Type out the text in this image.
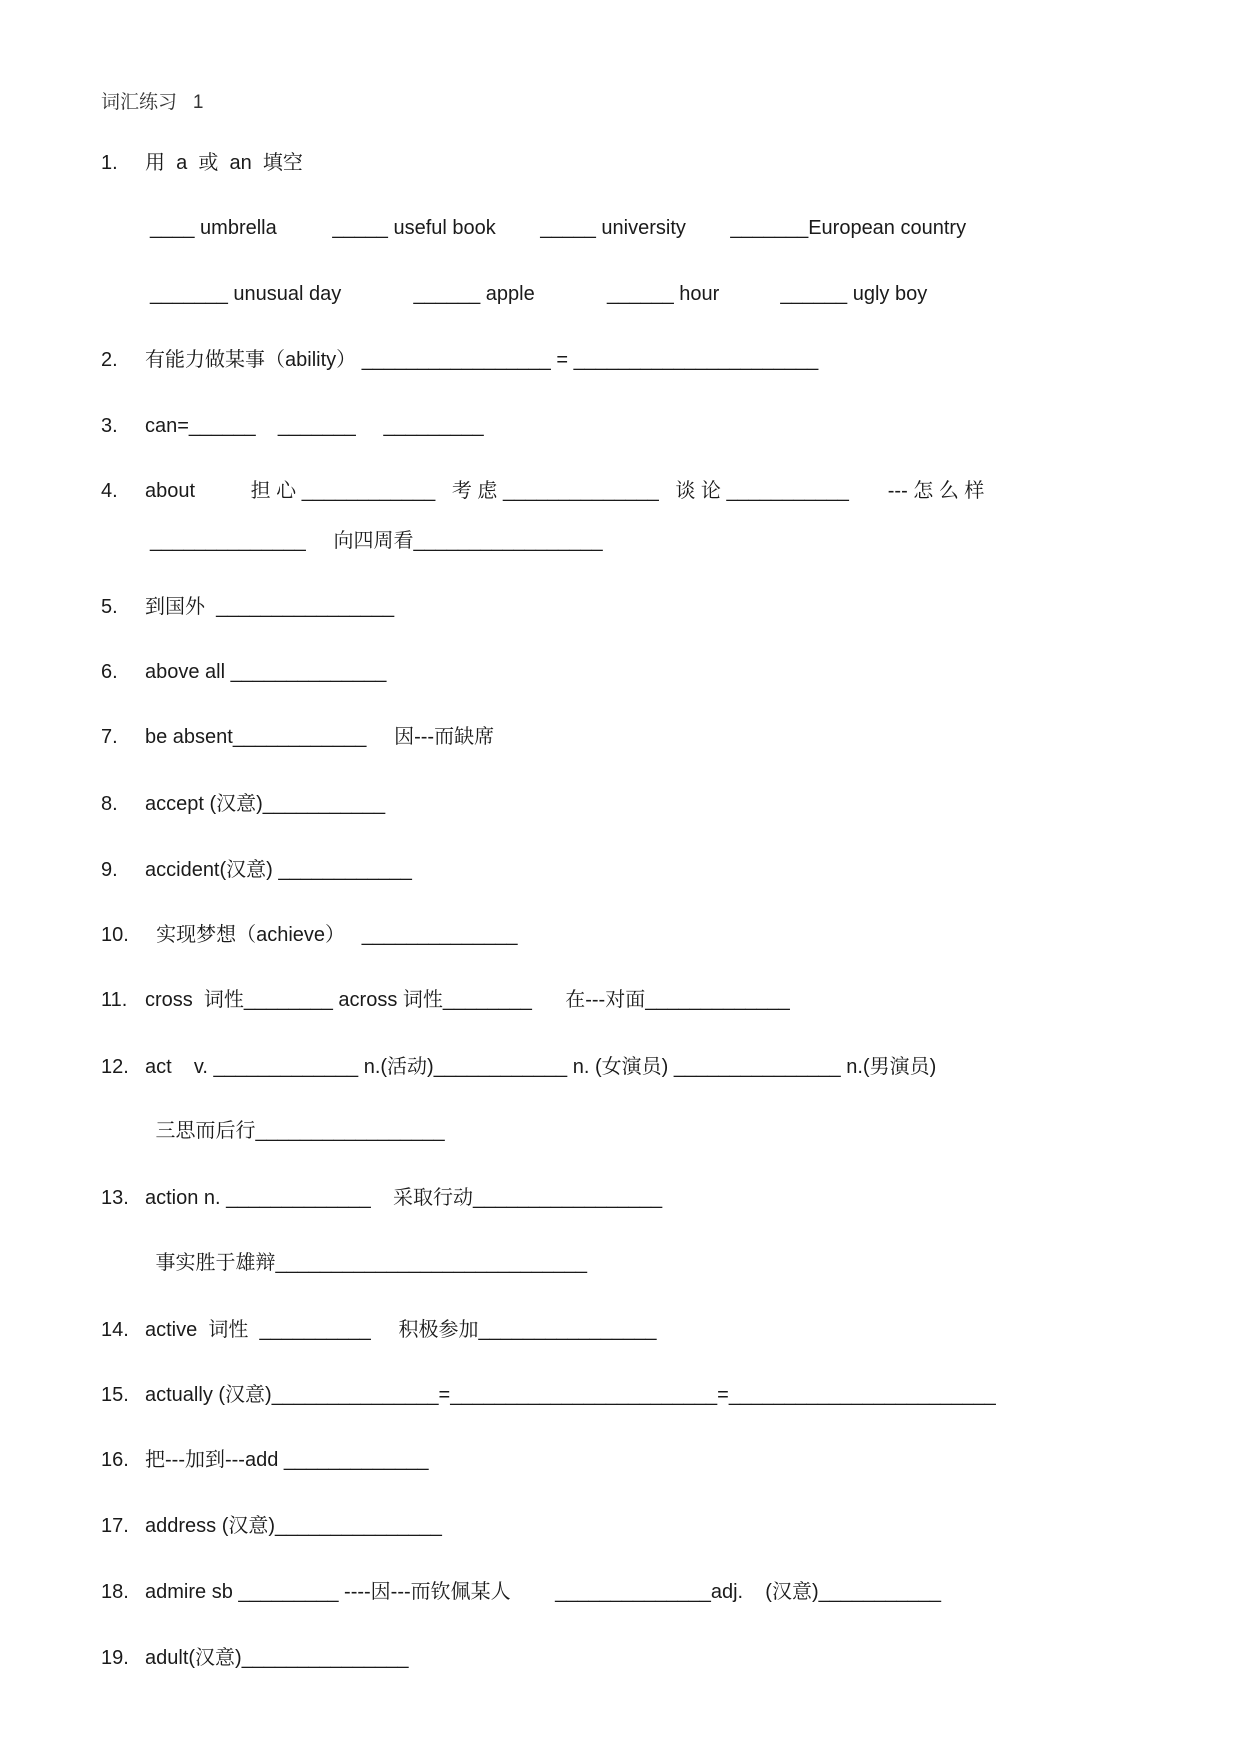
词汇练习   1
1. 用  a  或  an  填空
____ umbrella          _____ useful book        _____ university        _______European country
_______ unusual day             ______ apple             ______ hour           ______ ugly boy
2. 有能力做某事（ability） _________________ = ______________________
3. can=______    _______     _________
4. about          担 心 ____________   考 虑 ______________   谈 论 ___________       --- 怎 么 样
______________     向四周看_________________
5. 到国外  ________________
6. above all ______________
7. be absent____________     因---而缺席
8. accept (汉意)___________
9. accident(汉意) ____________
10. 实现梦想（achieve）   ______________
11. cross  词性________ across 词性________      在---对面_____________
12. act    v. _____________ n.(活动)____________ n. (女演员) _______________ n.(男演员)
三思而后行_________________
13. action n. _____________    采取行动_________________
事实胜于雄辩____________________________
14. active  词性  __________     积极参加________________
15. actually (汉意)_______________=________________________=________________________
16. 把---加到---add _____________
17. address (汉意)_______________
18. admire sb _________ ----因---而钦佩某人        ______________adj.    (汉意)___________
19. adult(汉意)_______________
